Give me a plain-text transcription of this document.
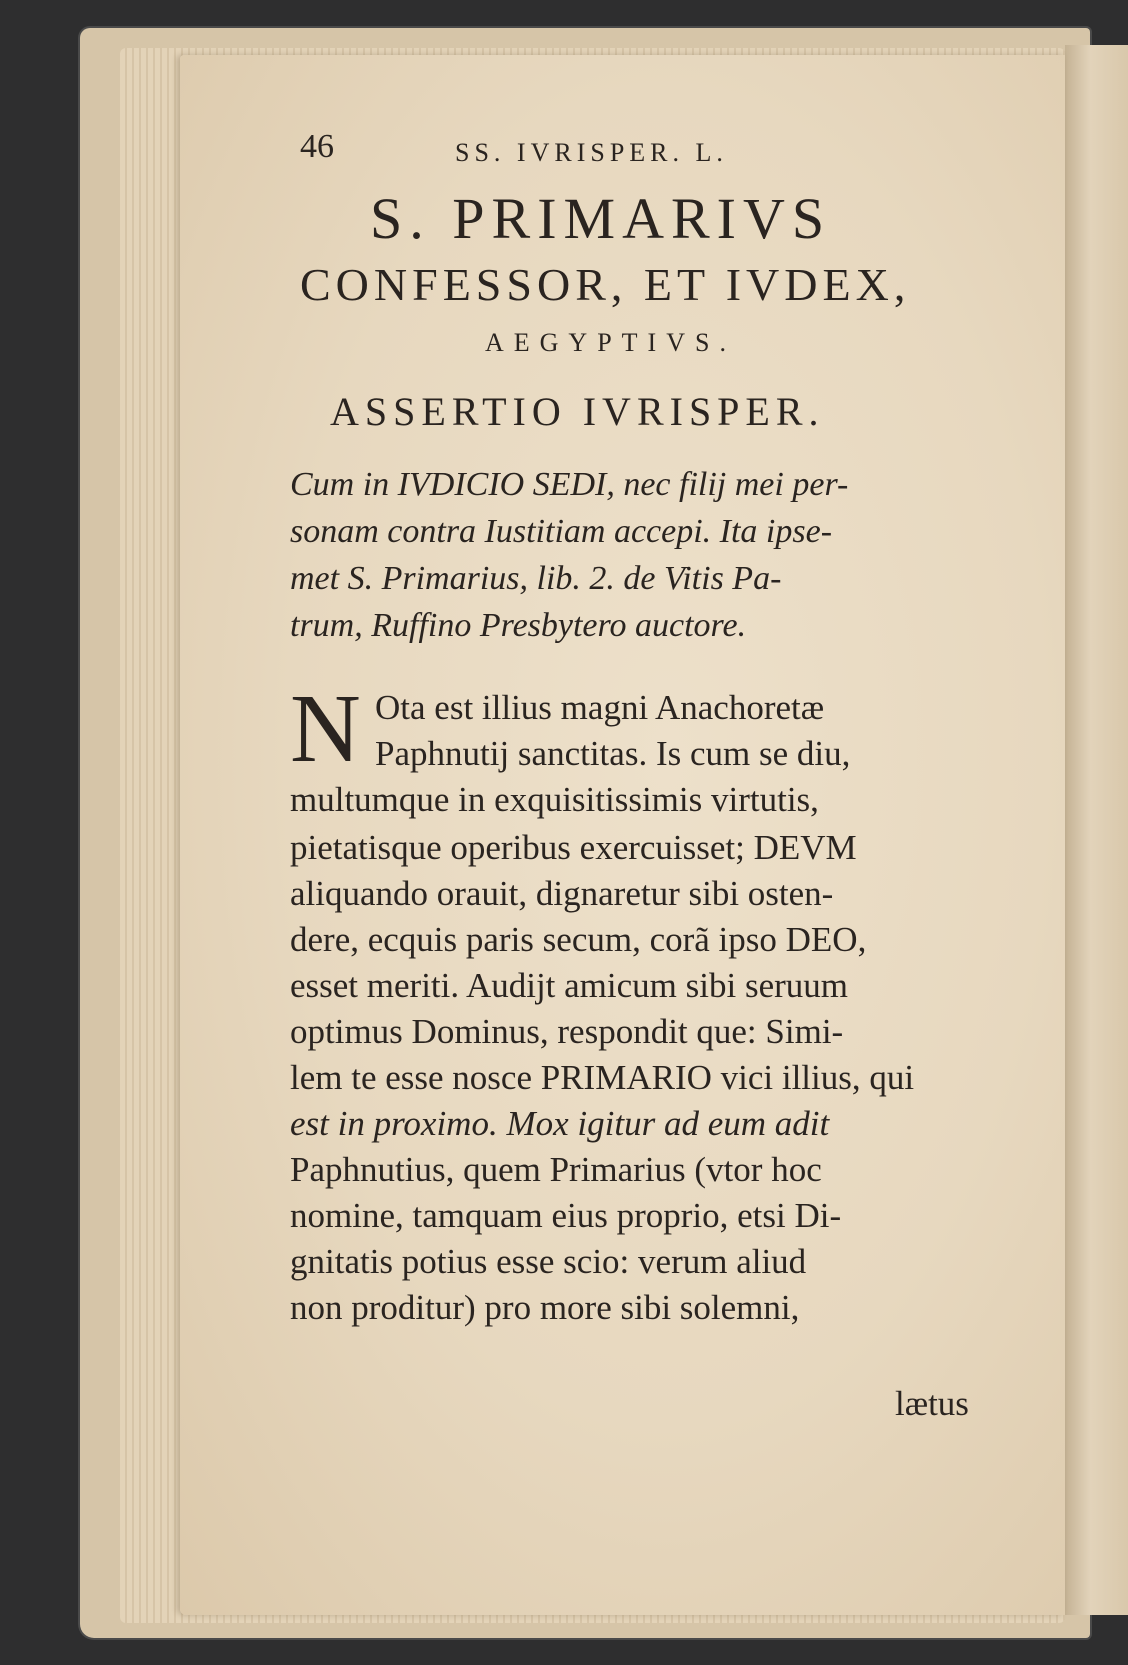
46	SS. IVRISPER. L.
S. PRIMARIVS
CONFESSOR, ET IVDEX,
AEGYPTIVS.
ASSERTIO IVRISPER.
Cum in IVDICIO SEDI, nec filij mei per-
sonam contra Iustitiam accepi. Ita ipse-
met S. Primarius, lib. 2. de Vitis Pa-
trum, Ruffino Presbytero auctore.
N Ota est illius magni Anachoretæ
Paphnutij sanctitas. Is cum se diu,
multumque in exquisitissimis virtutis,
pietatisque operibus exercuisset; DEVM
aliquando orauit, dignaretur sibi osten-
dere, ecquis paris secum, corã ipso DEO,
esset meriti. Audijt amicum sibi seruum
optimus Dominus, respondit que: Simi-
lem te esse nosce PRIMARIO vici illius, qui
est in proximo. Mox igitur ad eum adit
Paphnutius, quem Primarius (vtor hoc
nomine, tamquam eius proprio, etsi Di-
gnitatis potius esse scio: verum aliud
non proditur) pro more sibi solemni,
lætus
